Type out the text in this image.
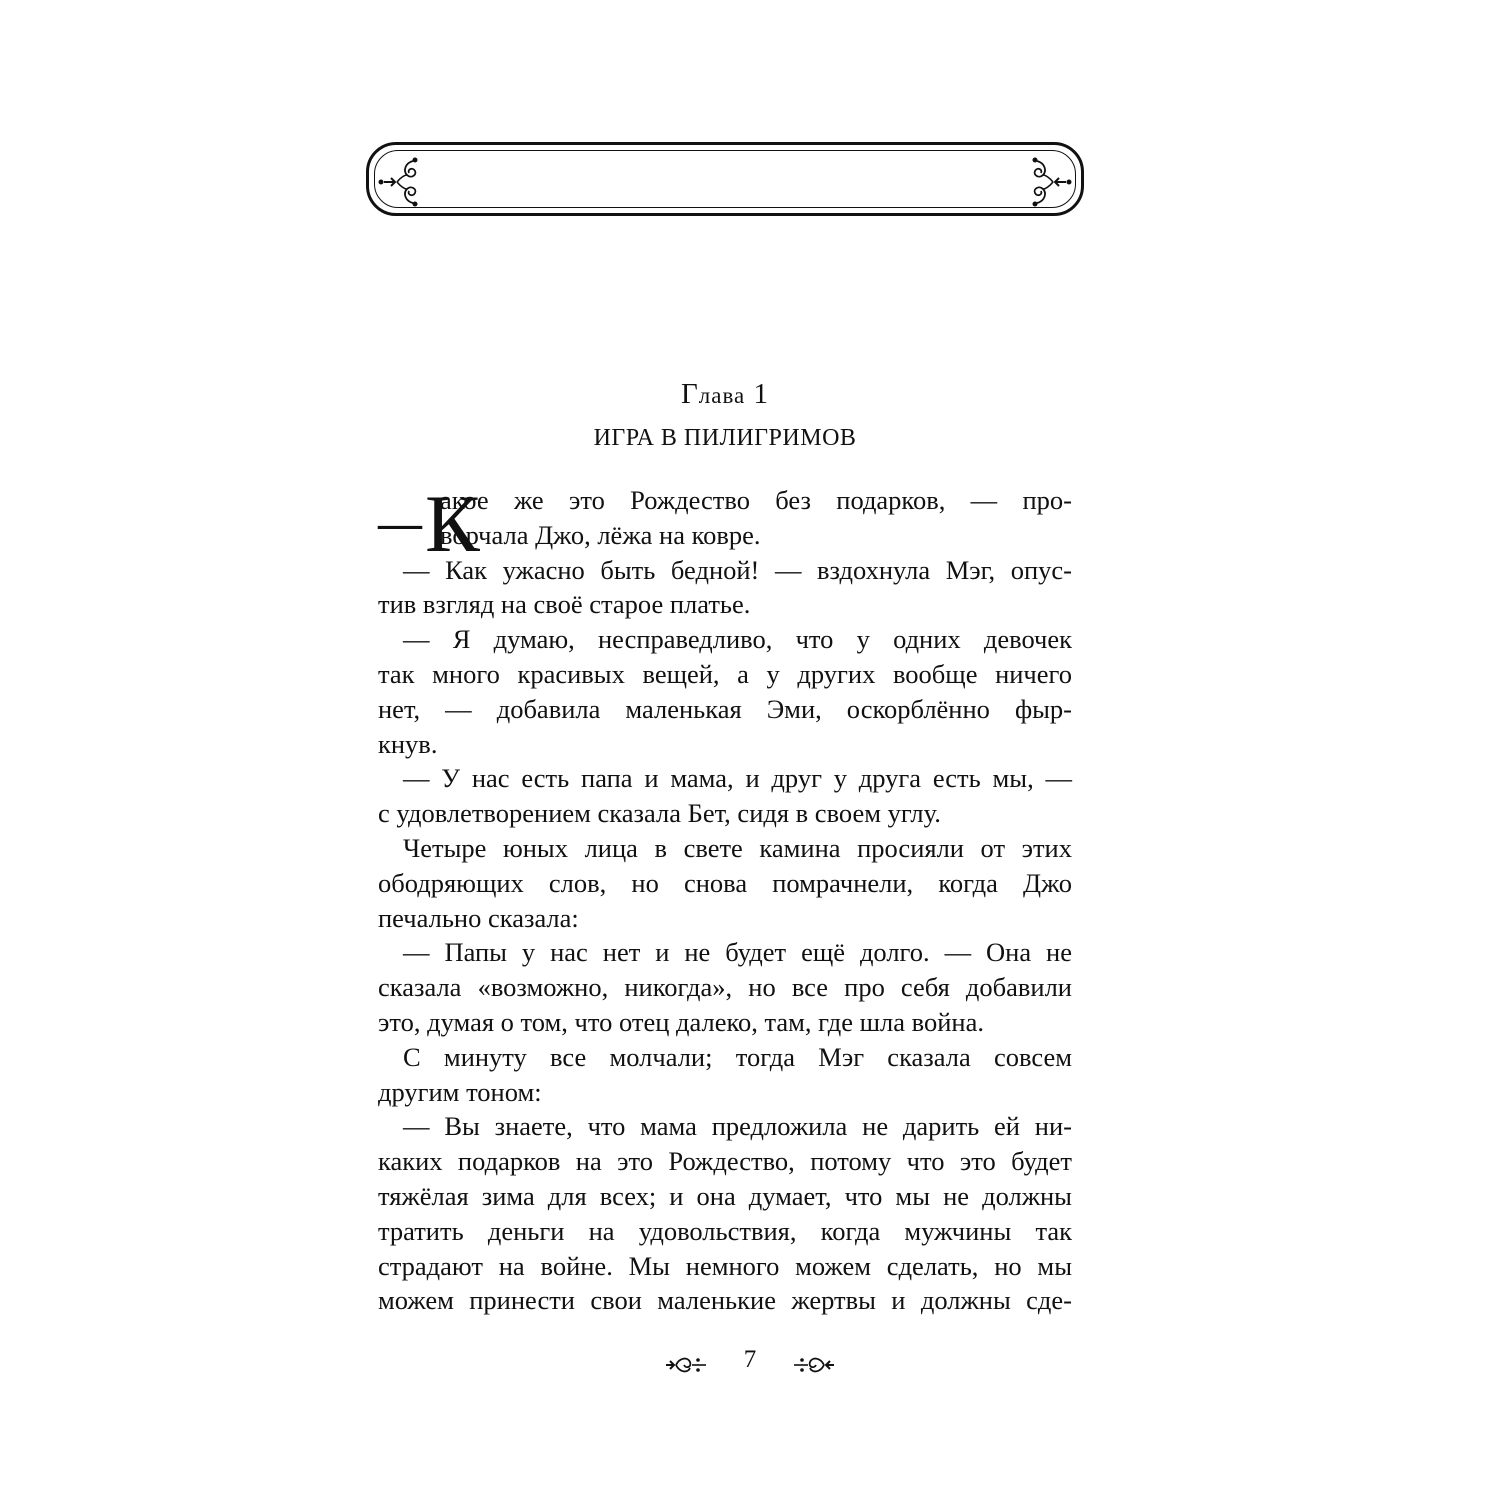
Глава 1
ИГРА В ПИЛИГРИМОВ
— К
акое же это Рождество без подарков, — про-
ворчала Джо, лёжа на ковре.
— Как ужасно быть бедной! — вздохнула Мэг, опус-
тив взгляд на своё старое платье.
— Я думаю, несправедливо, что у одних девочек
так много красивых вещей, а у других вообще ничего
нет, — добавила маленькая Эми, оскорблённо фыр-
кнув.
— У нас есть папа и мама, и друг у друга есть мы, —
с удовлетворением сказала Бет, сидя в своем углу.
Четыре юных лица в свете камина просияли от этих
ободряющих слов, но снова помрачнели, когда Джо
печально сказала:
— Папы у нас нет и не будет ещё долго. — Она не
сказала «возможно, никогда», но все про себя добавили
это, думая о том, что отец далеко, там, где шла война.
С минуту все молчали; тогда Мэг сказала совсем
другим тоном:
— Вы знаете, что мама предложила не дарить ей ни-
каких подарков на это Рождество, потому что это будет
тяжёлая зима для всех; и она думает, что мы не должны
тратить деньги на удовольствия, когда мужчины так
страдают на войне. Мы немного можем сделать, но мы
можем принести свои маленькие жертвы и должны сде-
7
